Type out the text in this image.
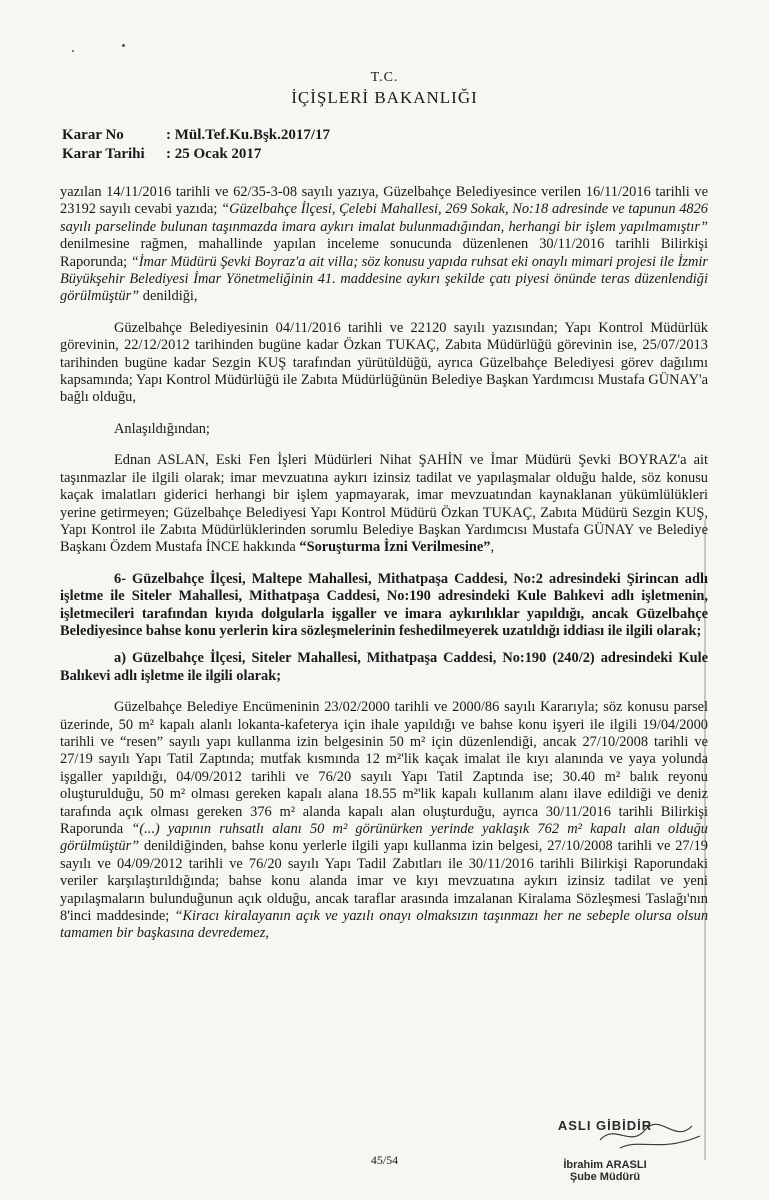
T.C.
İÇİŞLERİ BAKANLIĞI
Karar No	: Mül.Tef.Ku.Bşk.2017/17
Karar Tarihi : 25 Ocak 2017

yazılan 14/11/2016 tarihli ve 62/35-3-08 sayılı yazıya, Güzelbahçe Belediyesince verilen 16/11/2016 tarihli ve 23192 sayılı cevabi yazıda; “Güzelbahçe İlçesi, Çelebi Mahallesi, 269 Sokak, No:18 adresinde ve tapunun 4826 sayılı parselinde bulunan taşınmazda imara aykırı imalat bulunmadığından, herhangi bir işlem yapılmamıştır” denilmesine rağmen, mahallinde yapılan inceleme sonucunda düzenlenen 30/11/2016 tarihli Bilirkişi Raporunda; “İmar Müdürü Şevki Boyraz'a ait villa; söz konusu yapıda ruhsat eki onaylı mimari projesi ile İzmir Büyükşehir Belediyesi İmar Yönetmeliğinin 41. maddesine aykırı şekilde çatı piyesi önünde teras düzenlendiği görülmüştür” denildiği,

Güzelbahçe Belediyesinin 04/11/2016 tarihli ve 22120 sayılı yazısından; Yapı Kontrol Müdürlük görevinin, 22/12/2012 tarihinden bugüne kadar Özkan TUKAÇ, Zabıta Müdürlüğü görevinin ise, 25/07/2013 tarihinden bugüne kadar Sezgin KUŞ tarafından yürütüldüğü, ayrıca Güzelbahçe Belediyesi görev dağılımı kapsamında; Yapı Kontrol Müdürlüğü ile Zabıta Müdürlüğünün Belediye Başkan Yardımcısı Mustafa GÜNAY'a bağlı olduğu,

Anlaşıldığından;

Ednan ASLAN, Eski Fen İşleri Müdürleri Nihat ŞAHİN ve İmar Müdürü Şevki BOYRAZ'a ait taşınmazlar ile ilgili olarak; imar mevzuatına aykırı izinsiz tadilat ve yapılaşmalar olduğu halde, söz konusu kaçak imalatları giderici herhangi bir işlem yapmayarak, imar mevzuatından kaynaklanan yükümlülükleri yerine getirmeyen; Güzelbahçe Belediyesi Yapı Kontrol Müdürü Özkan TUKAÇ, Zabıta Müdürü Sezgin KUŞ, Yapı Kontrol ile Zabıta Müdürlüklerinden sorumlu Belediye Başkan Yardımcısı Mustafa GÜNAY ve Belediye Başkanı Özdem Mustafa İNCE hakkında “Soruşturma İzni Verilmesine”,

6- Güzelbahçe İlçesi, Maltepe Mahallesi, Mithatpaşa Caddesi, No:2 adresindeki Şirincan adlı işletme ile Siteler Mahallesi, Mithatpaşa Caddesi, No:190 adresindeki Kule Balıkevi adlı işletmenin, işletmecileri tarafından kıyıda dolgularla işgaller ve imara aykırılıklar yapıldığı, ancak Güzelbahçe Belediyesince bahse konu yerlerin kira sözleşmelerinin feshedilmeyerek uzatıldığı iddiası ile ilgili olarak;

a) Güzelbahçe İlçesi, Siteler Mahallesi, Mithatpaşa Caddesi, No:190 (240/2) adresindeki Kule Balıkevi adlı işletme ile ilgili olarak;

Güzelbahçe Belediye Encümeninin 23/02/2000 tarihli ve 2000/86 sayılı Kararıyla; söz konusu parsel üzerinde, 50 m² kapalı alanlı lokanta-kafeterya için ihale yapıldığı ve bahse konu işyeri ile ilgili 19/04/2000 tarihli ve “resen” sayılı yapı kullanma izin belgesinin 50 m² için düzenlendiği, ancak 27/10/2008 tarihli ve 27/19 sayılı Yapı Tatil Zaptında; mutfak kısmında 12 m²'lik kaçak imalat ile kıyı alanında ve yaya yolunda işgaller yapıldığı, 04/09/2012 tarihli ve 76/20 sayılı Yapı Tatil Zaptında ise; 30.40 m² balık reyonu oluşturulduğu, 50 m² olması gereken kapalı alana 18.55 m²'lik kapalı kullanım alanı ilave edildiği ve deniz tarafında açık olması gereken 376 m² alanda kapalı alan oluşturduğu, ayrıca 30/11/2016 tarihli Bilirkişi Raporunda “(...) yapının ruhsatlı alanı 50 m² görünürken yerinde yaklaşık 762 m² kapalı alan olduğu görülmüştür” denildiğinden, bahse konu yerlerle ilgili yapı kullanma izin belgesi, 27/10/2008 tarihli ve 27/19 sayılı ve 04/09/2012 tarihli ve 76/20 sayılı Yapı Tadil Zabıtları ile 30/11/2016 tarihli Bilirkişi Raporundaki veriler karşılaştırıldığında; bahse konu alanda imar ve kıyı mevzuatına aykırı izinsiz tadilat ve yeni yapılaşmaların bulunduğunun açık olduğu, ancak taraflar arasında imzalanan Kiralama Sözleşmesi Taslağı'nın 8'inci maddesinde; “Kiracı kiralayanın açık ve yazılı onayı olmaksızın taşınmazı her ne sebeple olursa olsun tamamen bir başkasına devredemez,

45/54
ASLI GİBİDİR
İbrahim ARASLI
Şube Müdürü
